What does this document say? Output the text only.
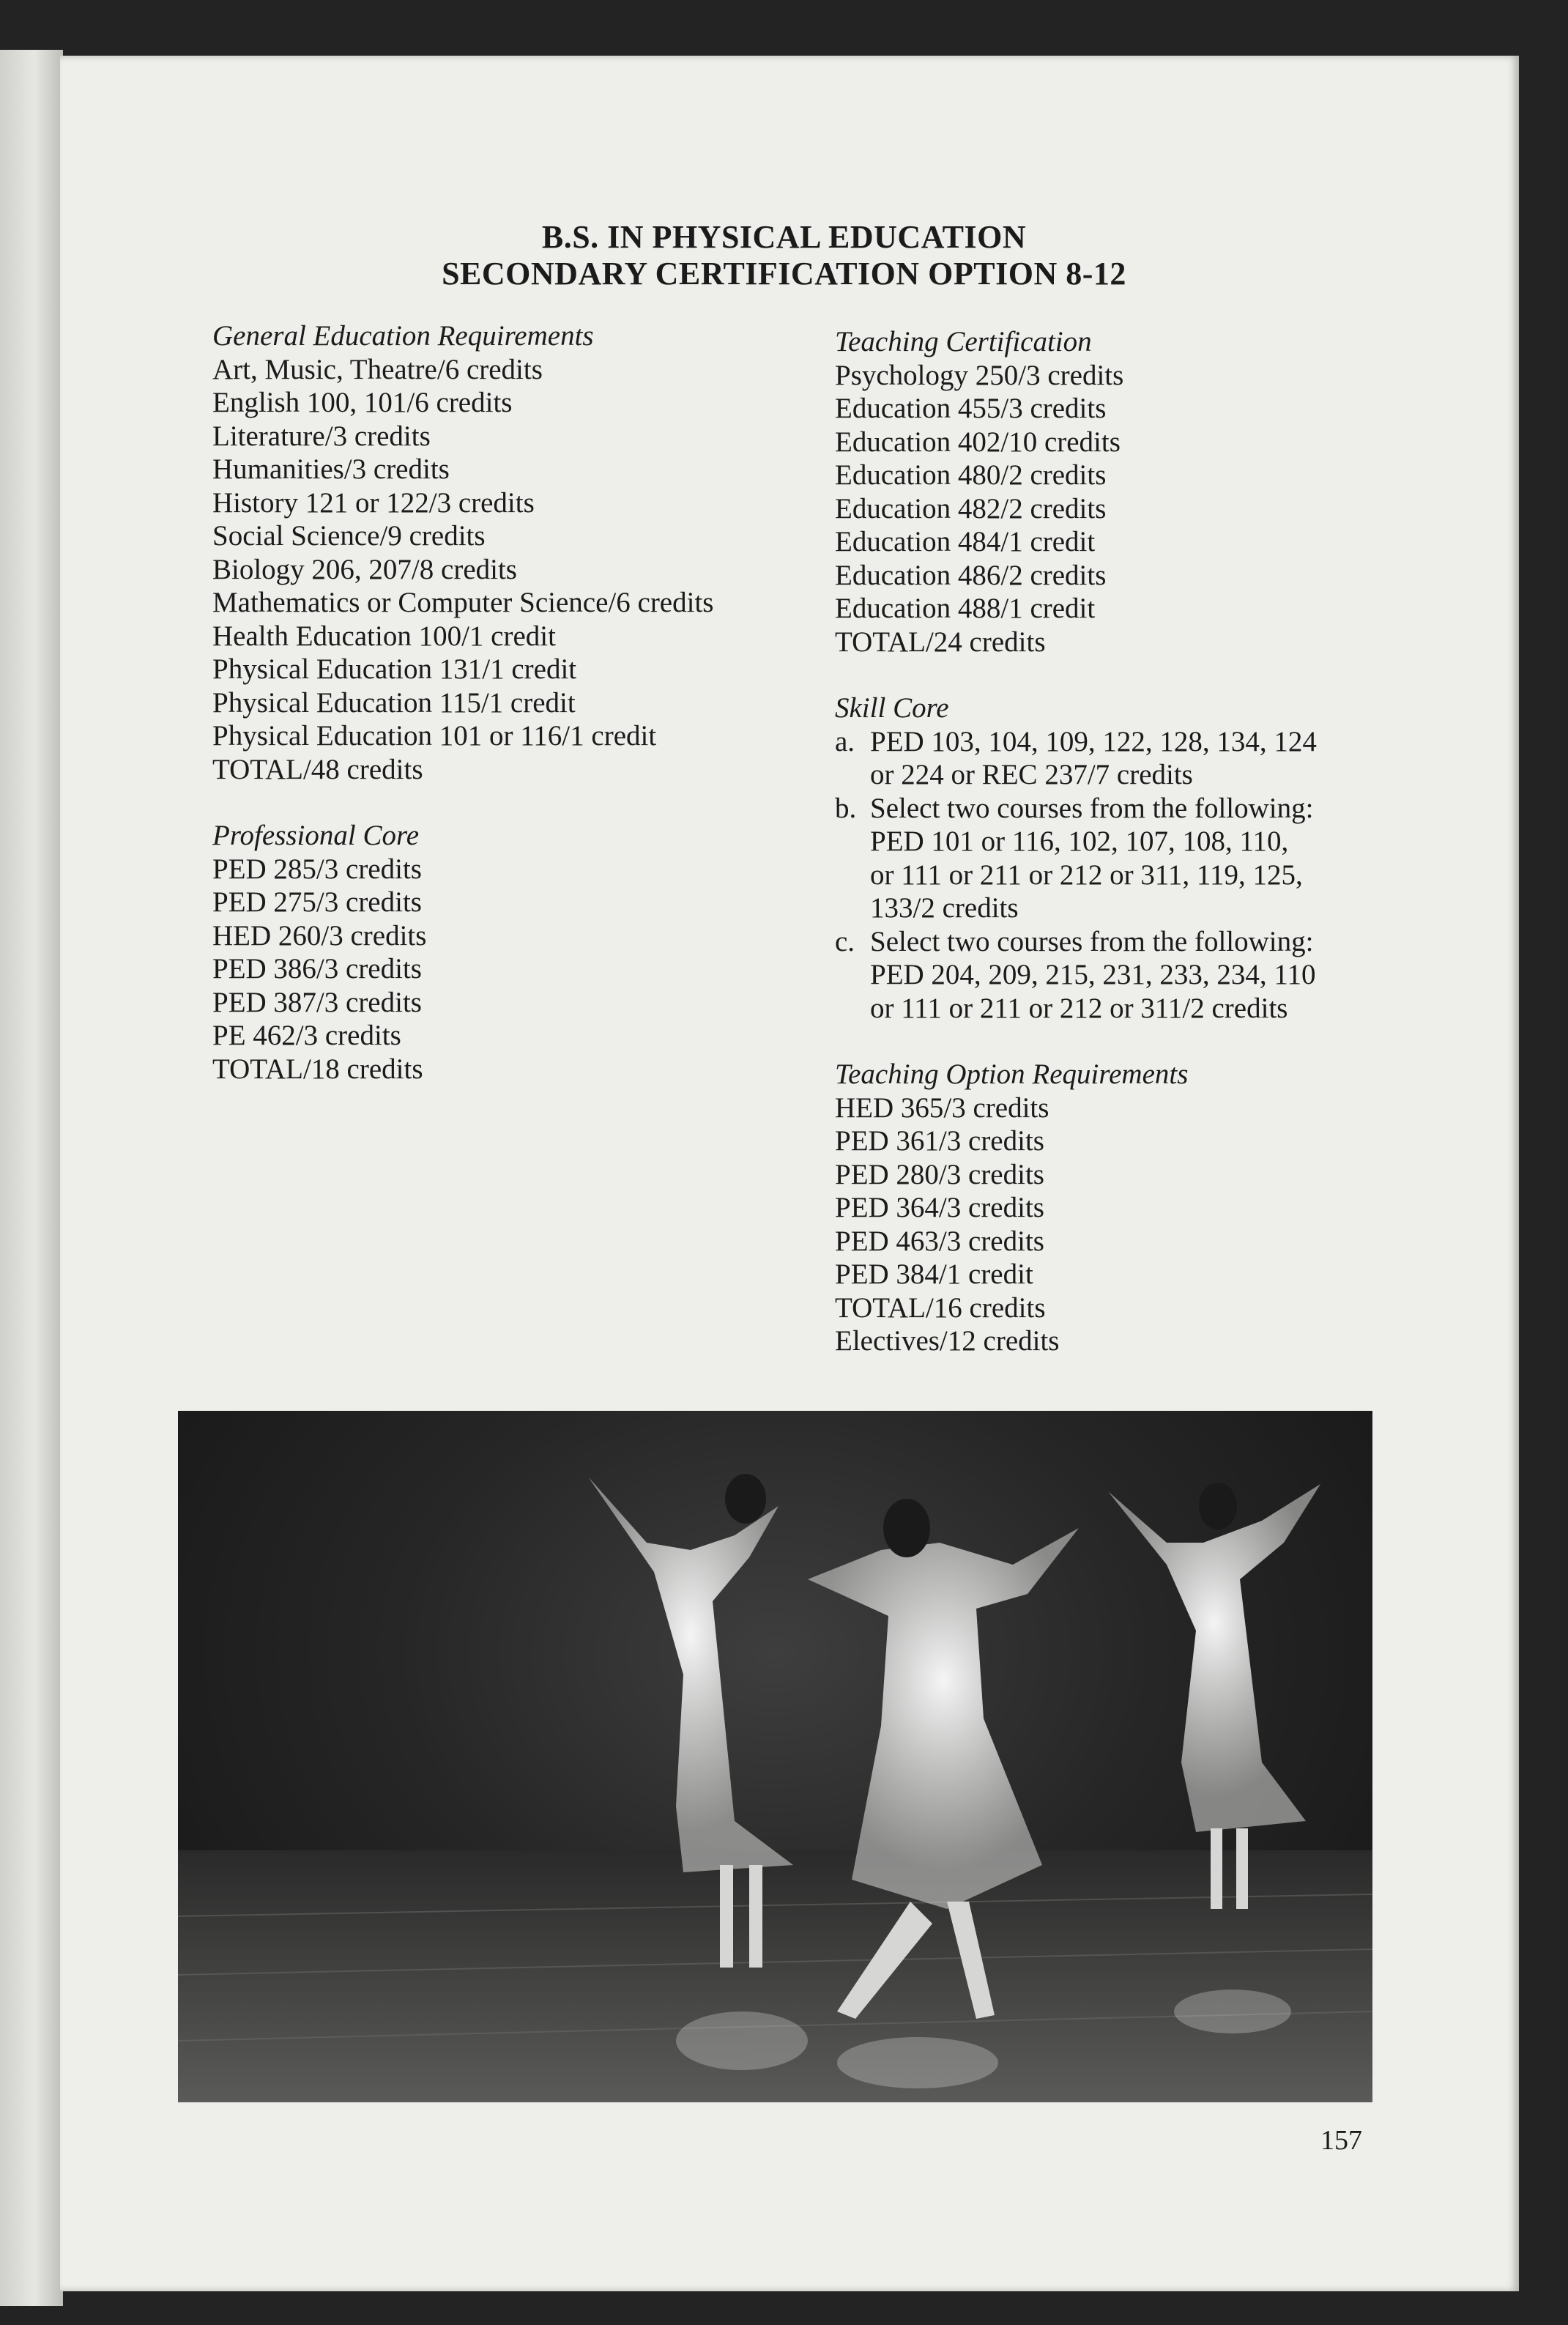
B.S. IN PHYSICAL EDUCATION
SECONDARY CERTIFICATION OPTION 8-12
General Education Requirements
Art, Music, Theatre/6 credits
English 100, 101/6 credits
Literature/3 credits
Humanities/3 credits
History 121 or 122/3 credits
Social Science/9 credits
Biology 206, 207/8 credits
Mathematics or Computer Science/6 credits
Health Education 100/1 credit
Physical Education 131/1 credit
Physical Education 115/1 credit
Physical Education 101 or 116/1 credit
TOTAL/48 credits
Professional Core
PED 285/3 credits
PED 275/3 credits
HED 260/3 credits
PED 386/3 credits
PED 387/3 credits
PE 462/3 credits
TOTAL/18 credits
Teaching Certification
Psychology 250/3 credits
Education 455/3 credits
Education 402/10 credits
Education 480/2 credits
Education 482/2 credits
Education 484/1 credit
Education 486/2 credits
Education 488/1 credit
TOTAL/24 credits
Skill Core
a. PED 103, 104, 109, 122, 128, 134, 124
or 224 or REC 237/7 credits
b. Select two courses from the following:
PED 101 or 116, 102, 107, 108, 110,
or 111 or 211 or 212 or 311, 119, 125,
133/2 credits
c. Select two courses from the following:
PED 204, 209, 215, 231, 233, 234, 110
or 111 or 211 or 212 or 311/2 credits
Teaching Option Requirements
HED 365/3 credits
PED 361/3 credits
PED 280/3 credits
PED 364/3 credits
PED 463/3 credits
PED 384/1 credit
TOTAL/16 credits
Electives/12 credits
157
